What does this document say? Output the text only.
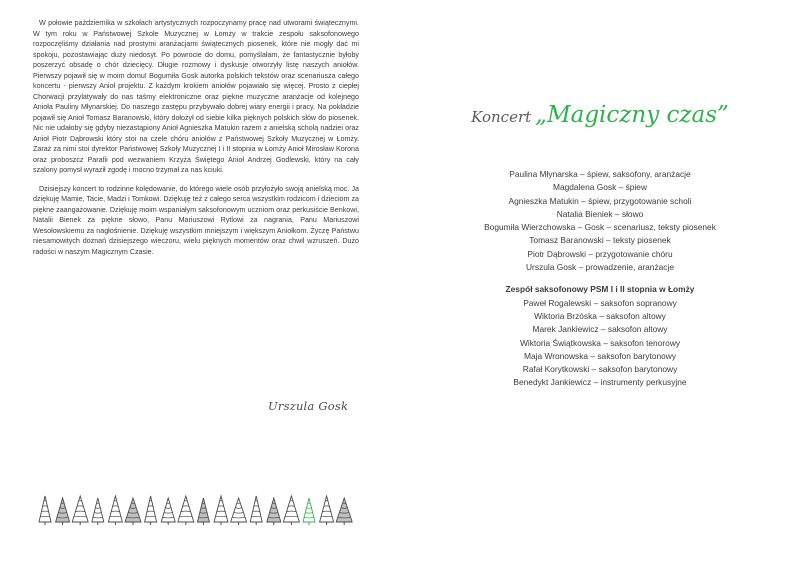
W połowie października w szkołach artystycznych rozpoczynamy pracę nad utworami świątecznymi. W tym roku w Państwowej Szkole Muzycznej w Łomży w trakcie zespołu saksofonowego rozpoczęliśmy działania nad prostymi aranżacjami świątecznych piosenek, które nie mogły dać mi spokoju, pozostawiając duży niedosyt. Po powrocie do domu, pomyślałam, że fantastycznie byłoby poszerzyć obsadę o chór dziecięcy. Długie rozmowy i dyskusje otworzyły listę naszych aniołów. Pierwszy pojawił się w moim domu! Bogumiła Gosk autorka polskich tekstów oraz scenariusza całego koncertu - pierwszy Anioł projektu. Z każdym krokiem aniołów pojawiało się więcej. Prosto z ciepłej Chorwacji przylatywały do nas taśmy elektroniczne oraz piękne muzyczne aranżacje od kolejnego Anioła Pauliny Młynarskiej. Do naszego zastępu przybywało dobrej wiary energii i pracy. Na pokładzie pojawił się Anioł Tomasz Baranowski, który dołożył od siebie kilka pięknych polskich słów do piosenek. Nic nie udałoby się gdyby niezastąpiony Anioł Agnieszka Matukin razem z anielską scholą nadziei oraz Anioł Piotr Dąbrowski który stoi na czele chóru aniołów z Państwowej Szkoły Muzycznej w Łomży. Zaraz za nimi stoi dyrektor Państwowej Szkoły Muzycznej I i II stopnia w Łomży Anioł Mirosław Korona oraz proboszcz Parafii pod wezwaniem Krzyża Świętego Anioł Andrzej Godlewski, który na cały szalony pomysł wyraził zgodę i mocno trzymał za nas kciuki.

Dzisiejszy koncert to rodzinne kolędowanie, do którego wiele osób przyłożyło swoją anielską moc. Ja dziękuję Mamie, Tacie, Madzi i Tomkowi. Dziękuję też z całego serca wszystkim rodzicom i dzieciom za piękne zaangażowanie. Dziękuję moim wspaniałym saksofonowym uczniom oraz perkusiście Benkowi, Natalii Bienek za piękne słowo, Panu Mariuszowi Rytlowi za nagrania, Panu Mariuszowi Wesołowskiemu za nagłośnienie. Dziękuję wszystkim mniejszym i większym Aniołkom. Życzę Państwu niesamowitych doznań dzisiejszego wieczoru, wielu pięknych momentów oraz chwil wzruszeń. Dużo radości w naszym Magicznym Czasie.

Urszula Gosk
Koncert „Magiczny czas”
Paulina Młynarska – śpiew, saksofony, aranżacje
Magdalena Gosk – śpiew
Agnieszka Matukin – śpiew, przygotowanie scholi
Natalia Bieniek – słowo
Bogumiła Wierzchowska – Gosk – scenariusz, teksty piosenek
Tomasz Baranowski – teksty piosenek
Piotr Dąbrowski – przygotowanie chóru
Urszula Gosk – prowadzenie, aranżacje
Zespół saksofonowy PSM I i II stopnia w Łomży
Paweł Rogalewski – saksofon sopranowy
Wiktoria Brzóska – saksofon altowy
Marek Jankiewicz – saksofon altowy
Wiktoria Świątkowska – saksofon tenorowy
Maja Wronowska – saksofon barytonowy
Rafał Korytkowski – saksofon barytonowy
Benedykt Jankiewicz – instrumenty perkusyjne
